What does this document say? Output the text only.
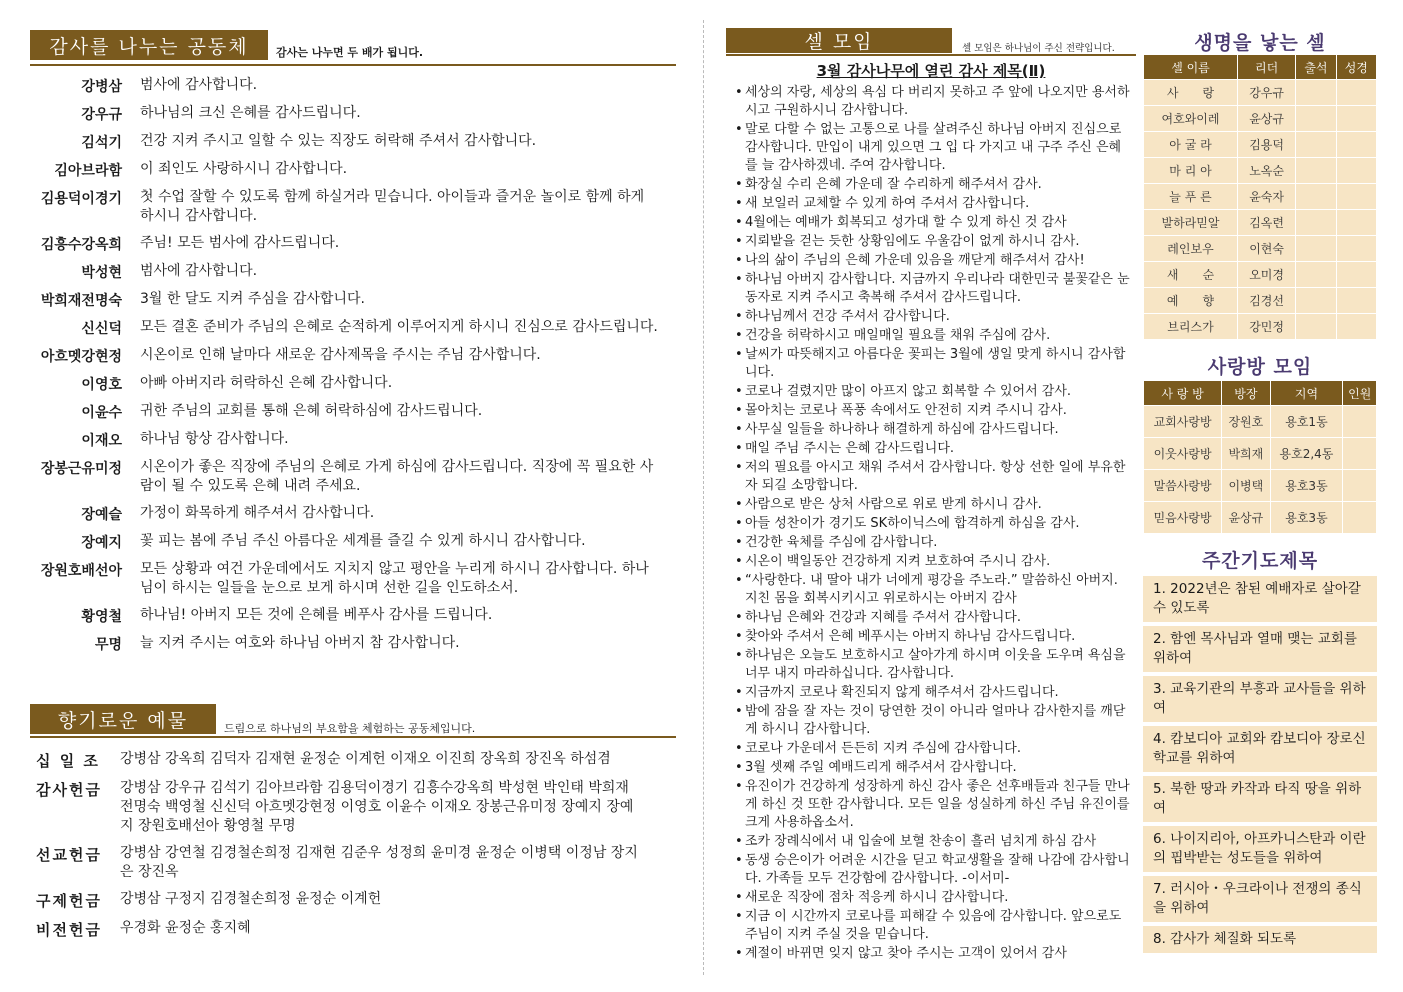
감사를 나누는 공동체	감사는 나누면 두 배가 됩니다.
강병삼 범사에 감사합니다.
강우규 하나님의 크신 은혜를 감사드립니다.
김석기 건강 지켜 주시고 일할 수 있는 직장도 허락해 주셔서 감사합니다.
김아브라함 이 죄인도 사랑하시니 감사합니다.
김용덕이경기 첫 수업 잘할 수 있도록 함께 하실거라 믿습니다. 아이들과 즐거운 놀이로 함께 하게 하시니 감사합니다.
김흥수강옥희 주님! 모든 범사에 감사드립니다.
박성현 범사에 감사합니다.
박희재전명숙 3월 한 달도 지켜 주심을 감사합니다.
신신덕 모든 결혼 준비가 주님의 은혜로 순적하게 이루어지게 하시니 진심으로 감사드립니다.
아흐멧강현정 시온이로 인해 날마다 새로운 감사제목을 주시는 주님 감사합니다.
이영호 아빠 아버지라 허락하신 은혜 감사합니다.
이윤수 귀한 주님의 교회를 통해 은혜 허락하심에 감사드립니다.
이재오 하나님 항상 감사합니다.
장봉근유미정 시온이가 좋은 직장에 주님의 은혜로 가게 하심에 감사드립니다. 직장에 꼭 필요한 사람이 될 수 있도록 은혜 내려 주세요.
장예슬 가정이 화목하게 해주셔서 감사합니다.
장예지 꽃 피는 봄에 주님 주신 아름다운 세계를 즐길 수 있게 하시니 감사합니다.
장원호배선아 모든 상황과 여건 가운데에서도 지치지 않고 평안을 누리게 하시니 감사합니다. 하나님이 하시는 일들을 눈으로 보게 하시며 선한 길을 인도하소서.
황영철 하나님! 아버지 모든 것에 은혜를 베푸사 감사를 드립니다.
무명 늘 지켜 주시는 여호와 하나님 아버지 참 감사합니다.
향기로운 예물	드림으로 하나님의 부요함을 체험하는 공동체입니다.
십 일 조	강병삼 강옥희 김덕자 김재현 윤정순 이계헌 이재오 이진희 장옥희 장진옥 하섬겸
감사헌금	강병삼 강우규 김석기 김아브라함 김용덕이경기 김흥수강옥희 박성현 박인태 박희재전명숙 백영철 신신덕 아흐멧강현정 이영호 이윤수 이재오 장봉근유미정 장예지 장예지 장원호배선아 황영철 무명
선교헌금	강병삼 강연철 김경철손희정 김재현 김준우 성정희 윤미경 윤정순 이병택 이정남 장지은 장진옥
구제헌금	강병삼 구정지 김경철손희정 윤정순 이계헌
비전헌금	우경화 윤정순 홍지혜
셀 모임	셀 모임은 하나님이 주신 전략입니다.
3월 감사나무에 열린 감사 제목(Ⅱ)
• 세상의 자랑, 세상의 욕심 다 버리지 못하고 주 앞에 나오지만 용서하시고 구원하시니 감사합니다.
• 말로 다할 수 없는 고통으로 나를 살려주신 하나님 아버지 진심으로 감사합니다. 만입이 내게 있으면 그 입 다 가지고 내 구주 주신 은혜를 늘 감사하겠네. 주여 감사합니다.
• 화장실 수리 은혜 가운데 잘 수리하게 해주셔서 감사.
• 새 보일러 교체할 수 있게 하여 주셔서 감사합니다.
• 4월에는 예배가 회복되고 성가대 할 수 있게 하신 것 감사
• 지뢰밭을 걷는 듯한 상황임에도 우울감이 없게 하시니 감사.
• 나의 삶이 주님의 은혜 가운데 있음을 깨닫게 해주셔서 감사!
• 하나님 아버지 감사합니다. 지금까지 우리나라 대한민국 불꽃같은 눈동자로 지켜 주시고 축복해 주셔서 감사드립니다.
• 하나님께서 건강 주셔서 감사합니다.
• 건강을 허락하시고 매일매일 필요를 채워 주심에 감사.
• 날씨가 따뜻해지고 아름다운 꽃피는 3월에 생일 맞게 하시니 감사합니다.
• 코로나 걸렸지만 많이 아프지 않고 회복할 수 있어서 감사.
• 몰아치는 코로나 폭풍 속에서도 안전히 지켜 주시니 감사.
• 사무실 일들을 하나하나 해결하게 하심에 감사드립니다.
• 매일 주님 주시는 은혜 감사드립니다.
• 저의 필요를 아시고 채워 주셔서 감사합니다. 항상 선한 일에 부유한 자 되길 소망합니다.
• 사람으로 받은 상처 사람으로 위로 받게 하시니 감사.
• 아들 성찬이가 경기도 SK하이닉스에 합격하게 하심을 감사.
• 건강한 육체를 주심에 감사합니다.
• 시온이 백일동안 건강하게 지켜 보호하여 주시니 감사.
• “사랑한다. 내 딸아 내가 너에게 평강을 주노라.” 말씀하신 아버지. 지친 몸을 회복시키시고 위로하시는 아버지 감사
• 하나님 은혜와 건강과 지혜를 주셔서 감사합니다.
• 찾아와 주셔서 은혜 베푸시는 아버지 하나님 감사드립니다.
• 하나님은 오늘도 보호하시고 살아가게 하시며 이웃을 도우며 욕심을 너무 내지 마라하십니다. 감사합니다.
• 지금까지 코로나 확진되지 않게 해주셔서 감사드립니다.
• 밤에 잠을 잘 자는 것이 당연한 것이 아니라 얼마나 감사한지를 깨닫게 하시니 감사합니다.
• 코로나 가운데서 든든히 지켜 주심에 감사합니다.
• 3월 셋째 주일 예배드리게 해주셔서 감사합니다.
• 유진이가 건강하게 성장하게 하신 감사 좋은 선후배들과 친구들 만나게 하신 것 또한 감사합니다. 모든 일을 성실하게 하신 주님 유진이를 크게 사용하옵소서.
• 조카 장례식에서 내 입술에 보혈 찬송이 흘러 넘치게 하심 감사
• 동생 승은이가 어려운 시간을 딛고 학교생활을 잘해 나감에 감사합니다. 가족들 모두 건강함에 감사합니다. -이서미-
• 새로운 직장에 점차 적응케 하시니 감사합니다.
• 지금 이 시간까지 코로나를 피해갈 수 있음에 감사합니다. 앞으로도 주님이 지켜 주실 것을 믿습니다.
• 계절이 바뀌면 잊지 않고 찾아 주시는 고객이 있어서 감사
생명을 낳는 셀
셀 이름	리더	출석	성경
사　　랑	강우규		
여호와이레	윤상규		
아 굴 라	김용덕		
마 리 아	노옥순		
늘 푸 른	윤숙자		
발하라믿알	김옥련		
레인보우	이현숙		
새　　순	오미경		
예　　향	김경선		
브리스가	강민정		
사랑방 모임
사 랑 방	방장	지역	인원
교회사랑방	장원호	용호1동	
이웃사랑방	박희재	용호2,4동	
말씀사랑방	이병택	용호3동	
믿음사랑방	윤상규	용호3동	
주간기도제목
1. 2022년은 참된 예배자로 살아갈 수 있도록
2. 함엔 목사님과 열매 맺는 교회를 위하여
3. 교육기관의 부흥과 교사들을 위하여
4. 캄보디아 교회와 캄보디아 장로신학교를 위하여
5. 북한 땅과 카작과 타직 땅을 위하여
6. 나이지리아, 아프카니스탄과 이란의 핍박받는 성도들을 위하여
7. 러시아・우크라이나 전쟁의 종식을 위하여
8. 감사가 체질화 되도록
